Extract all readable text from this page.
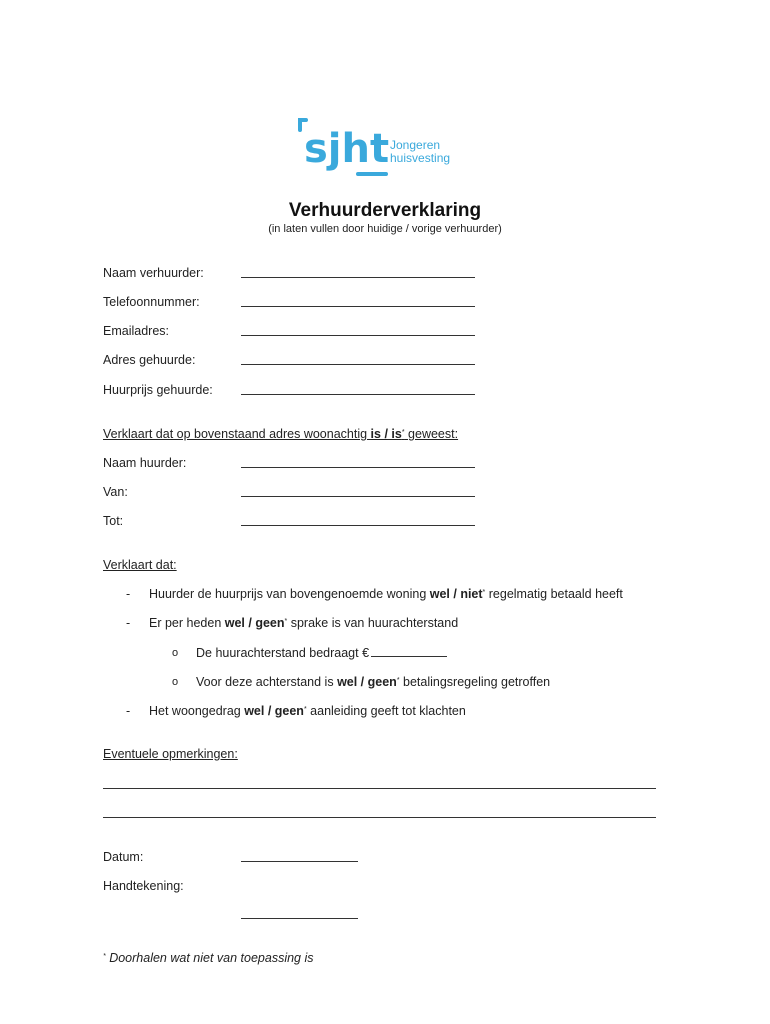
sjht Jongeren
huisvesting
Verhuurderverklaring
(in laten vullen door huidige / vorige verhuurder)
Naam verhuurder:
Telefoonnummer:
Emailadres:
Adres gehuurde:
Huurprijs gehuurde:
Verklaart dat op bovenstaand adres woonachtig is / is* geweest:
Naam huurder:
Van:
Tot:
Verklaart dat:
- Huurder de huurprijs van bovengenoemde woning wel / niet* regelmatig betaald heeft
- Er per heden wel / geen* sprake is van huurachterstand
o De huurachterstand bedraagt €
o Voor deze achterstand is wel / geen* betalingsregeling getroffen
- Het woongedrag wel / geen* aanleiding geeft tot klachten
Eventuele opmerkingen:
Datum:
Handtekening:
* Doorhalen wat niet van toepassing is
